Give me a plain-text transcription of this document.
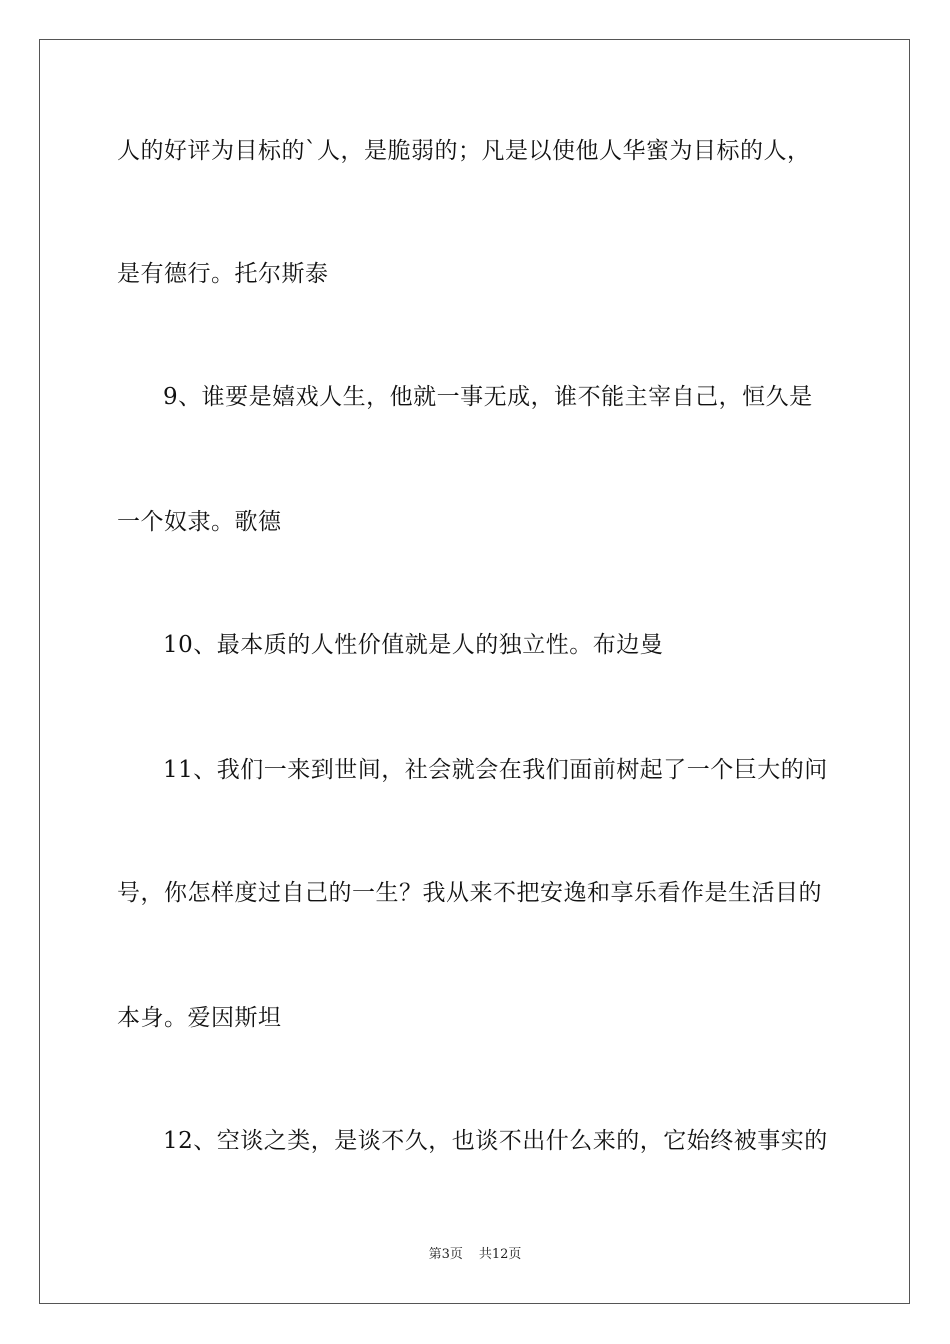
人的好评为目标的`人，是脆弱的；凡是以使他人华蜜为目标的人，
是有德行。托尔斯泰
9、谁要是嬉戏人生，他就一事无成，谁不能主宰自己，恒久是
一个奴隶。歌德
10、最本质的人性价值就是人的独立性。布边曼
11、我们一来到世间，社会就会在我们面前树起了一个巨大的问
号，你怎样度过自己的一生？我从来不把安逸和享乐看作是生活目的
本身。爱因斯坦
12、空谈之类，是谈不久，也谈不出什么来的，它始终被事实的
第3页 共12页
